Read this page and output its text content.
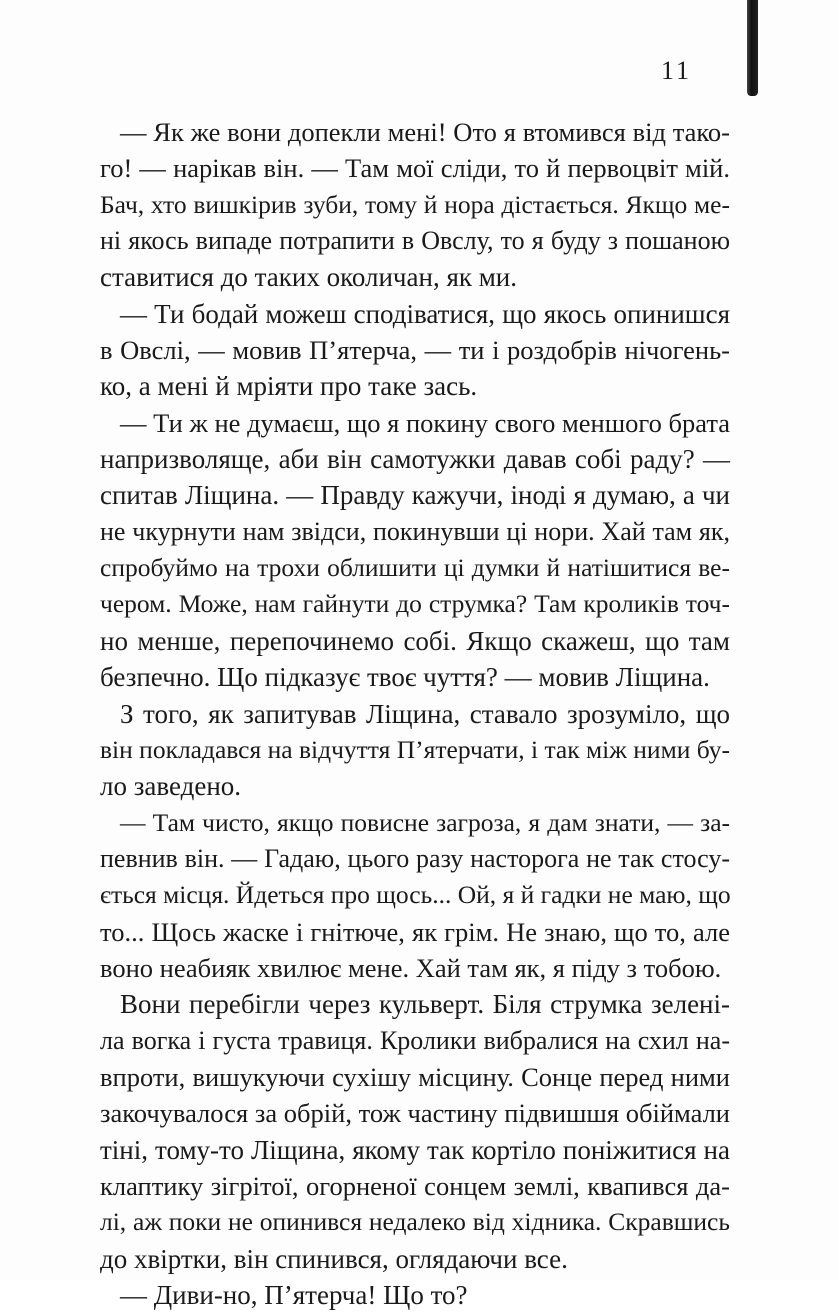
11
— Як же вони допекли мені! Ото я втомився від тако-
го! — нарікав він. — Там мої сліди, то й первоцвіт мій.
Бач, хто вишкірив зуби, тому й нора дістається. Якщо ме-
ні якось випаде потрапити в Овслу, то я буду з пошаною
ставитися до таких околичан, як ми.
— Ти бодай можеш сподіватися, що якось опинишся
в Овслі, — мовив П’ятерча, — ти і роздобрів нічогень-
ко, а мені й мріяти про таке зась.
— Ти ж не думаєш, що я покину свого меншого брата
напризволяще, аби він самотужки давав собі раду? —
спитав Ліщина. — Правду кажучи, іноді я думаю, а чи
не чкурнути нам звідси, покинувши ці нори. Хай там як,
спробуймо на трохи облишити ці думки й натішитися ве-
чером. Може, нам гайнути до струмка? Там кроликів точ-
но менше, перепочинемо собі. Якщо скажеш, що там
безпечно. Що підказує твоє чуття? — мовив Ліщина.
З того, як запитував Ліщина, ставало зрозуміло, що
він покладався на відчуття П’ятерчати, і так між ними бу-
ло заведено.
— Там чисто, якщо повисне загроза, я дам знати, — за-
певнив він. — Гадаю, цього разу насторога не так стосу-
ється місця. Йдеться про щось... Ой, я й гадки не маю, що
то... Щось жаске і гнітюче, як грім. Не знаю, що то, але
воно неабияк хвилює мене. Хай там як, я піду з тобою.
Вони перебігли через кульверт. Біля струмка зелені-
ла вогка і густа травиця. Кролики вибралися на схил на-
впроти, вишукуючи сухішу місцину. Сонце перед ними
закочувалося за обрій, тож частину підвишшя обіймали
тіні, тому-то Ліщина, якому так кортіло поніжитися на
клаптику зігрітої, огорненої сонцем землі, квапився да-
лі, аж поки не опинився недалеко від хідника. Скравшись
до хвіртки, він спинився, оглядаючи все.
— Диви-но, П’ятерча! Що то?
